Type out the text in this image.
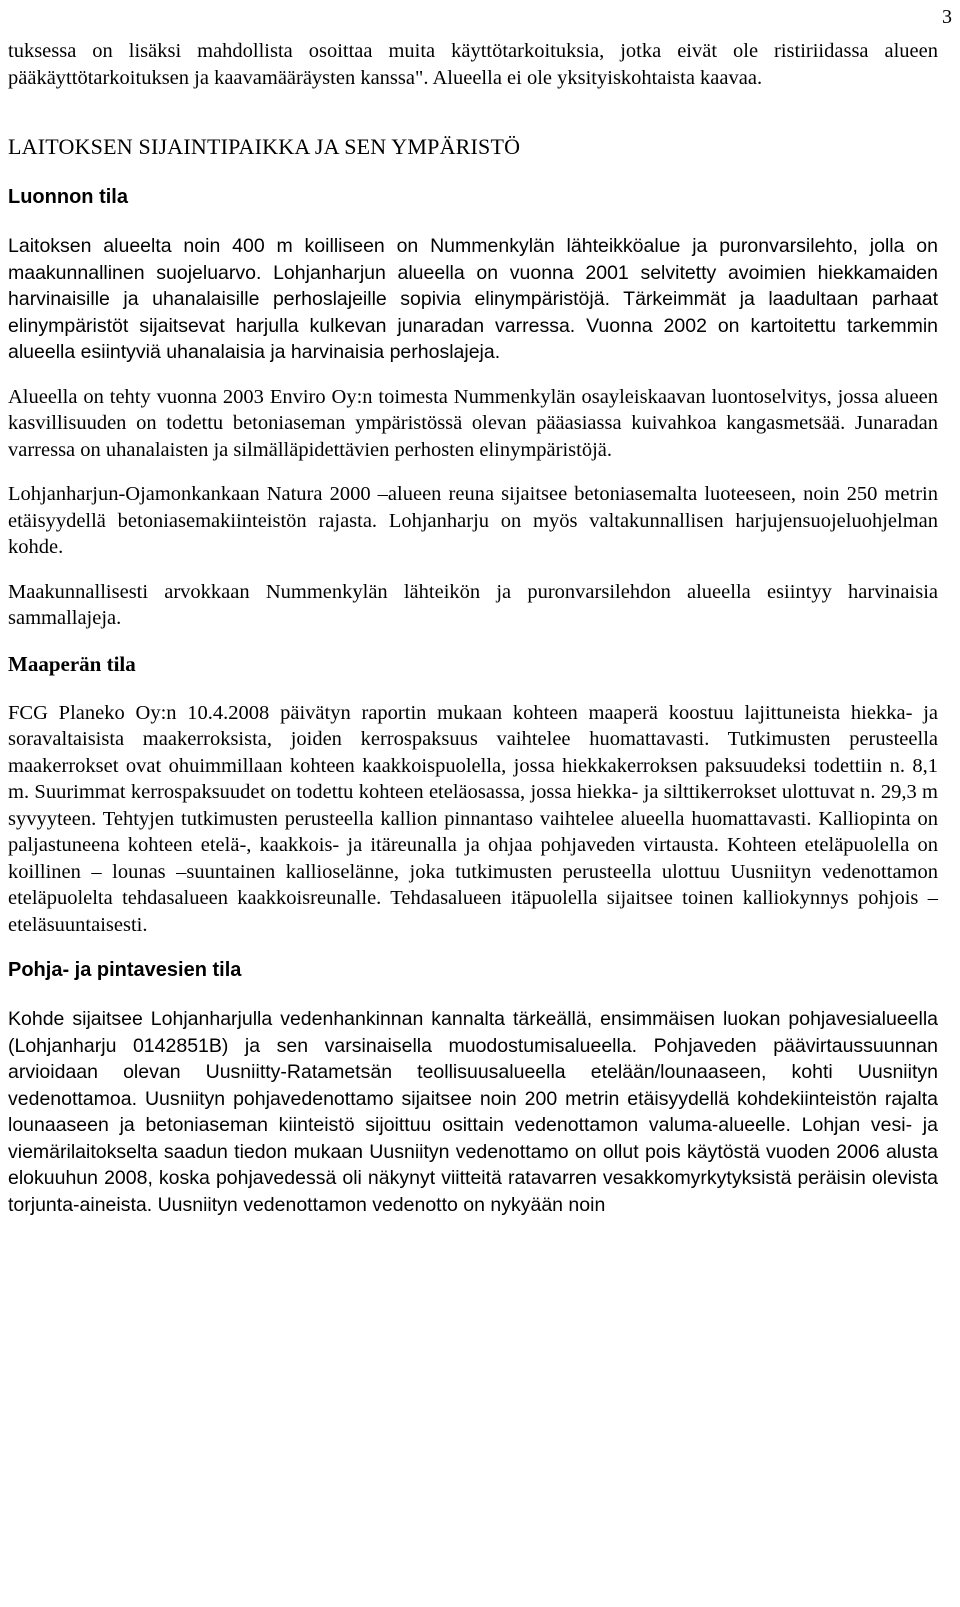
3

tuksessa on lisäksi mahdollista osoittaa muita käyttötarkoituksia, jotka eivät ole ristiriidassa alueen pääkäyttötarkoituksen ja kaavamääräysten kanssa". Alueella ei ole yksityiskohtaista kaavaa.

LAITOKSEN SIJAINTIPAIKKA JA SEN YMPÄRISTÖ
Luonnon tila

Laitoksen alueelta noin 400 m koilliseen on Nummenkylän lähteikköalue ja puronvarsilehto, jolla on maakunnallinen suojeluarvo. Lohjanharjun alueella on vuonna 2001 selvitetty avoimien hiekkamaiden harvinaisille ja uhanalaisille perhoslajeille sopivia elinympäristöjä. Tärkeimmät ja laadultaan parhaat elinympäristöt sijaitsevat harjulla kulkevan junaradan varressa. Vuonna 2002 on kartoitettu tarkemmin alueella esiintyviä uhanalaisia ja harvinaisia perhoslajeja.

Alueella on tehty vuonna 2003 Enviro Oy:n toimesta Nummenkylän osayleiskaavan luontoselvitys, jossa alueen kasvillisuuden on todettu betoniaseman ympäristössä olevan pääasiassa kuivahkoa kangasmetsää. Junaradan varressa on uhanalaisten ja silmälläpidettävien perhosten elinympäristöjä.

Lohjanharjun-Ojamonkankaan Natura 2000 –alueen reuna sijaitsee betoniasemalta luoteeseen, noin 250 metrin etäisyydellä betoniasemakiinteistön rajasta. Lohjanharju on myös valtakunnallisen harjujensuojeluohjelman kohde.

Maakunnallisesti arvokkaan Nummenkylän lähteikön ja puronvarsilehdon alueella esiintyy harvinaisia sammallajeja.

Maaperän tila

FCG Planeko Oy:n 10.4.2008 päivätyn raportin mukaan kohteen maaperä koostuu lajittuneista hiekka- ja soravaltaisista maakerroksista, joiden kerrospaksuus vaihtelee huomattavasti. Tutkimusten perusteella maakerrokset ovat ohuimmillaan kohteen kaakkoispuolella, jossa hiekkakerroksen paksuudeksi todettiin n. 8,1 m. Suurimmat kerrospaksuudet on todettu kohteen eteläosassa, jossa hiekka- ja silttikerrokset ulottuvat n. 29,3 m syvyyteen. Tehtyjen tutkimusten perusteella kallion pinnantaso vaihtelee alueella huomattavasti. Kalliopinta on paljastuneena kohteen etelä-, kaakkois- ja itäreunalla ja ohjaa pohjaveden virtausta. Kohteen eteläpuolella on koillinen – lounas –suuntainen kallioselänne, joka tutkimusten perusteella ulottuu Uusniityn vedenottamon eteläpuolelta tehdasalueen kaakkoisreunalle. Tehdasalueen itäpuolella sijaitsee toinen kalliokynnys pohjois – eteläsuuntaisesti.

Pohja- ja pintavesien tila

Kohde sijaitsee Lohjanharjulla vedenhankinnan kannalta tärkeällä, ensimmäisen luokan pohjavesialueella (Lohjanharju 0142851B) ja sen varsinaisella muodostumisalueella. Pohjaveden päävirtaussuunnan arvioidaan olevan Uusniitty-Ratametsän teollisuusalueella etelään/lounaaseen, kohti Uusniityn vedenottamoa. Uusniityn pohjavedenottamo sijaitsee noin 200 metrin etäisyydellä kohdekiinteistön rajalta lounaaseen ja betoniaseman kiinteistö sijoittuu osittain vedenottamon valuma-alueelle. Lohjan vesi- ja viemärilaitokselta saadun tiedon mukaan Uusniityn vedenottamo on ollut pois käytöstä vuoden 2006 alusta elokuuhun 2008, koska pohjavedessä oli näkynyt viitteitä ratavarren vesakkomyrkytyksistä peräisin olevista torjunta-aineista. Uusniityn vedenottamon vedenotto on nykyään noin
